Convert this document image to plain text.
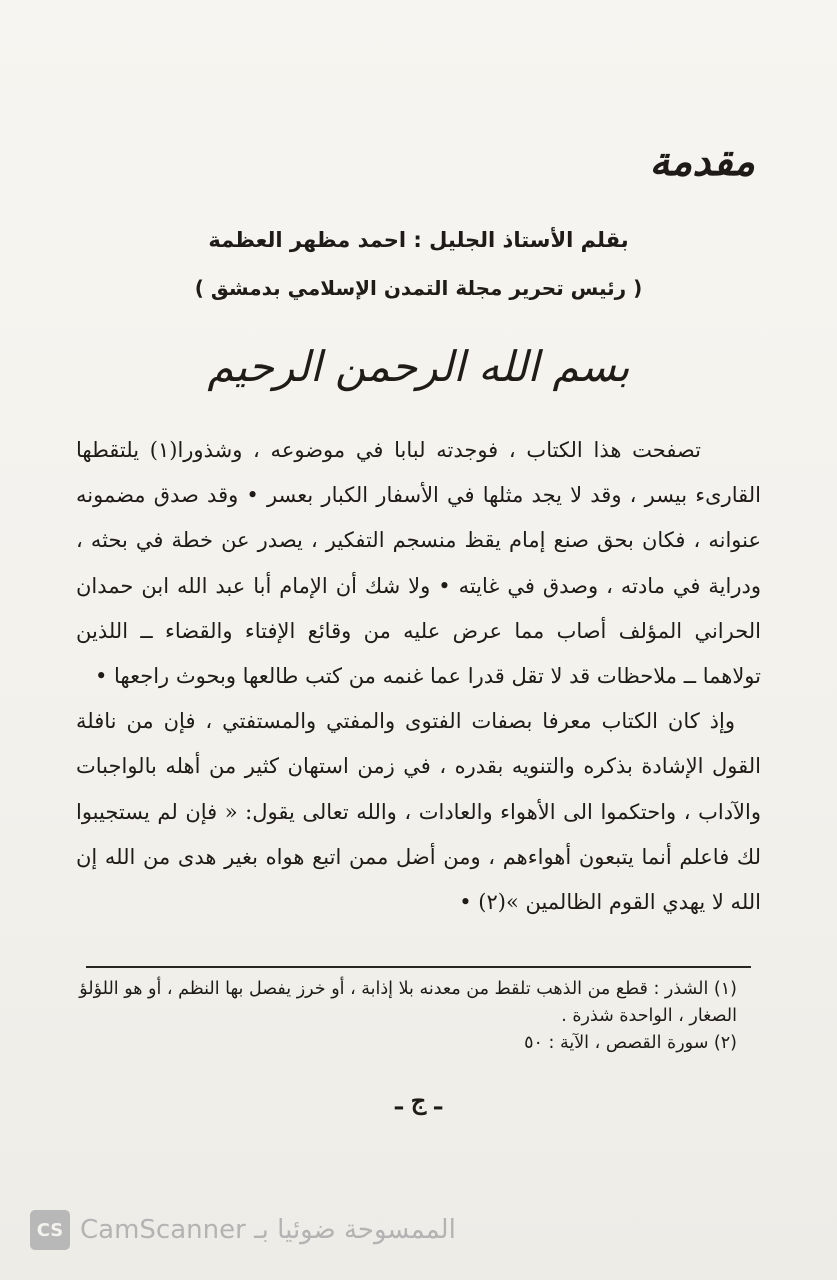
مقدمة
بقلم الأستاذ الجليل : احمد مظهر العظمة
( رئيس تحرير مجلة التمدن الإسلامي بدمشق )
بسم الله الرحمن الرحيم

تصفحت هذا الكتاب ، فوجدته لبابا في موضوعه ، وشذورا(١) يلتقطها القارىء بيسر ، وقد لا يجد مثلها في الأسفار الكبار بعسر • وقد صدق مضمونه عنوانه ، فكان بحق صنع إمام يقظ منسجم التفكير ، يصدر عن خطة في بحثه ، ودراية في مادته ، وصدق في غايته • ولا شك أن الإمام أبا عبد الله ابن حمدان الحراني المؤلف أصاب مما عرض عليه من وقائع الإفتاء والقضاء ــ اللذين تولاهما ــ ملاحظات قد لا تقل قدرا عما غنمه من كتب طالعها وبحوث راجعها •

وإذ كان الكتاب معرفا بصفات الفتوى والمفتي والمستفتي ، فإن من نافلة القول الإشادة بذكره والتنويه بقدره ، في زمن استهان كثير من أهله بالواجبات والآداب ، واحتكموا الى الأهواء والعادات ، والله تعالى يقول: « فإن لم يستجيبوا لك فاعلم أنما يتبعون أهواءهم ، ومن أضل ممن اتبع هواه بغير هدى من الله إن الله لا يهدي القوم الظالمين »(٢) •

(١) الشذر : قطع من الذهب تلقط من معدنه بلا إذابة ، أو خرز يفصل بها النظم ، أو هو اللؤلؤ الصغار ، الواحدة شذرة .

(٢) سورة القصص ، الآية : ٥٠

ـ ج ـ
CS CamScanner الممسوحة ضوئيا بـ
